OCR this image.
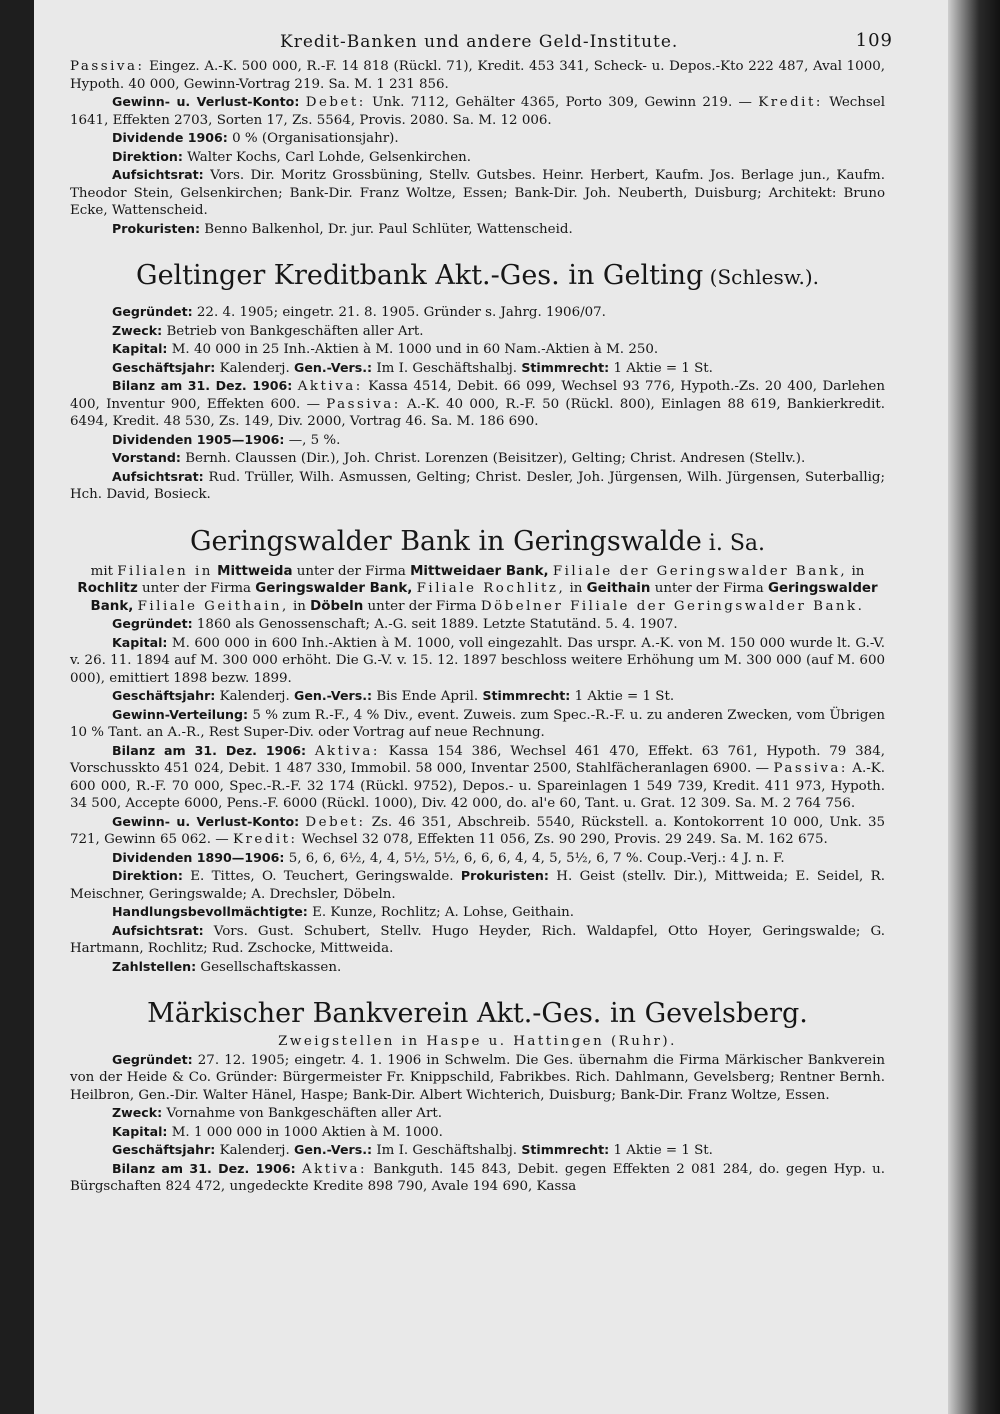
Kredit-Banken und andere Geld-Institute.	109

Passiva: Eingez. A.-K. 500 000, R.-F. 14 818 (Rückl. 71), Kredit. 453 341, Scheck- u. Depos.-Kto 222 487, Aval 1000, Hypoth. 40 000, Gewinn-Vortrag 219. Sa. M. 1 231 856.

Gewinn- u. Verlust-Konto: Debet: Unk. 7112, Gehälter 4365, Porto 309, Gewinn 219. — Kredit: Wechsel 1641, Effekten 2703, Sorten 17, Zs. 5564, Provis. 2080. Sa. M. 12 006.

Dividende 1906: 0 % (Organisationsjahr).

Direktion: Walter Kochs, Carl Lohde, Gelsenkirchen.

Aufsichtsrat: Vors. Dir. Moritz Grossbüning, Stellv. Gutsbes. Heinr. Herbert, Kaufm. Jos. Berlage jun., Kaufm. Theodor Stein, Gelsenkirchen; Bank-Dir. Franz Woltze, Essen; Bank-Dir. Joh. Neuberth, Duisburg; Architekt: Bruno Ecke, Wattenscheid.

Prokuristen: Benno Balkenhol, Dr. jur. Paul Schlüter, Wattenscheid.

Geltinger Kreditbank Akt.-Ges. in Gelting (Schlesw.).

Gegründet: 22. 4. 1905; eingetr. 21. 8. 1905. Gründer s. Jahrg. 1906/07.

Zweck: Betrieb von Bankgeschäften aller Art.

Kapital: M. 40 000 in 25 Inh.-Aktien à M. 1000 und in 60 Nam.-Aktien à M. 250.

Geschäftsjahr: Kalenderj. Gen.-Vers.: Im I. Geschäftshalbj. Stimmrecht: 1 Aktie = 1 St.

Bilanz am 31. Dez. 1906: Aktiva: Kassa 4514, Debit. 66 099, Wechsel 93 776, Hypoth.-Zs. 20 400, Darlehen 400, Inventur 900, Effekten 600. — Passiva: A.-K. 40 000, R.-F. 50 (Rückl. 800), Einlagen 88 619, Bankierkredit. 6494, Kredit. 48 530, Zs. 149, Div. 2000, Vortrag 46. Sa. M. 186 690.

Dividenden 1905—1906: —, 5 %.

Vorstand: Bernh. Claussen (Dir.), Joh. Christ. Lorenzen (Beisitzer), Gelting; Christ. Andresen (Stellv.).

Aufsichtsrat: Rud. Trüller, Wilh. Asmussen, Gelting; Christ. Desler, Joh. Jürgensen, Wilh. Jürgensen, Suterballig; Hch. David, Bosieck.

Geringswalder Bank in Geringswalde i. Sa.

mit Filialen in Mittweida unter der Firma Mittweidaer Bank, Filiale der Geringswalder Bank, in Rochlitz unter der Firma Geringswalder Bank, Filiale Rochlitz, in Geithain unter der Firma Geringswalder Bank, Filiale Geithain, in Döbeln unter der Firma Döbelner Filiale der Geringswalder Bank.

Gegründet: 1860 als Genossenschaft; A.-G. seit 1889. Letzte Statutänd. 5. 4. 1907.

Kapital: M. 600 000 in 600 Inh.-Aktien à M. 1000, voll eingezahlt. Das urspr. A.-K. von M. 150 000 wurde lt. G.-V. v. 26. 11. 1894 auf M. 300 000 erhöht. Die G.-V. v. 15. 12. 1897 beschloss weitere Erhöhung um M. 300 000 (auf M. 600 000), emittiert 1898 bezw. 1899.

Geschäftsjahr: Kalenderj. Gen.-Vers.: Bis Ende April. Stimmrecht: 1 Aktie = 1 St.

Gewinn-Verteilung: 5 % zum R.-F., 4 % Div., event. Zuweis. zum Spec.-R.-F. u. zu anderen Zwecken, vom Übrigen 10 % Tant. an A.-R., Rest Super-Div. oder Vortrag auf neue Rechnung.

Bilanz am 31. Dez. 1906: Aktiva: Kassa 154 386, Wechsel 461 470, Effekt. 63 761, Hypoth. 79 384, Vorschusskto 451 024, Debit. 1 487 330, Immobil. 58 000, Inventar 2500, Stahlfächeranlagen 6900. — Passiva: A.-K. 600 000, R.-F. 70 000, Spec.-R.-F. 32 174 (Rückl. 9752), Depos.- u. Spareinlagen 1 549 739, Kredit. 411 973, Hypoth. 34 500, Accepte 6000, Pens.-F. 6000 (Rückl. 1000), Div. 42 000, do. al'e 60, Tant. u. Grat. 12 309. Sa. M. 2 764 756.

Gewinn- u. Verlust-Konto: Debet: Zs. 46 351, Abschreib. 5540, Rückstell. a. Kontokorrent 10 000, Unk. 35 721, Gewinn 65 062. — Kredit: Wechsel 32 078, Effekten 11 056, Zs. 90 290, Provis. 29 249. Sa. M. 162 675.

Dividenden 1890—1906: 5, 6, 6, 6½, 4, 4, 5½, 5½, 6, 6, 6, 4, 4, 5, 5½, 6, 7 %. Coup.-Verj.: 4 J. n. F.

Direktion: E. Tittes, O. Teuchert, Geringswalde. Prokuristen: H. Geist (stellv. Dir.), Mittweida; E. Seidel, R. Meischner, Geringswalde; A. Drechsler, Döbeln.

Handlungsbevollmächtigte: E. Kunze, Rochlitz; A. Lohse, Geithain.

Aufsichtsrat: Vors. Gust. Schubert, Stellv. Hugo Heyder, Rich. Waldapfel, Otto Hoyer, Geringswalde; G. Hartmann, Rochlitz; Rud. Zschocke, Mittweida.

Zahlstellen: Gesellschaftskassen.

Märkischer Bankverein Akt.-Ges. in Gevelsberg.

Zweigstellen in Haspe u. Hattingen (Ruhr).

Gegründet: 27. 12. 1905; eingetr. 4. 1. 1906 in Schwelm. Die Ges. übernahm die Firma Märkischer Bankverein von der Heide & Co. Gründer: Bürgermeister Fr. Knippschild, Fabrikbes. Rich. Dahlmann, Gevelsberg; Rentner Bernh. Heilbron, Gen.-Dir. Walter Hänel, Haspe; Bank-Dir. Albert Wichterich, Duisburg; Bank-Dir. Franz Woltze, Essen.

Zweck: Vornahme von Bankgeschäften aller Art.

Kapital: M. 1 000 000 in 1000 Aktien à M. 1000.

Geschäftsjahr: Kalenderj. Gen.-Vers.: Im I. Geschäftshalbj. Stimmrecht: 1 Aktie = 1 St.

Bilanz am 31. Dez. 1906: Aktiva: Bankguth. 145 843, Debit. gegen Effekten 2 081 284, do. gegen Hyp. u. Bürgschaften 824 472, ungedeckte Kredite 898 790, Avale 194 690, Kassa
